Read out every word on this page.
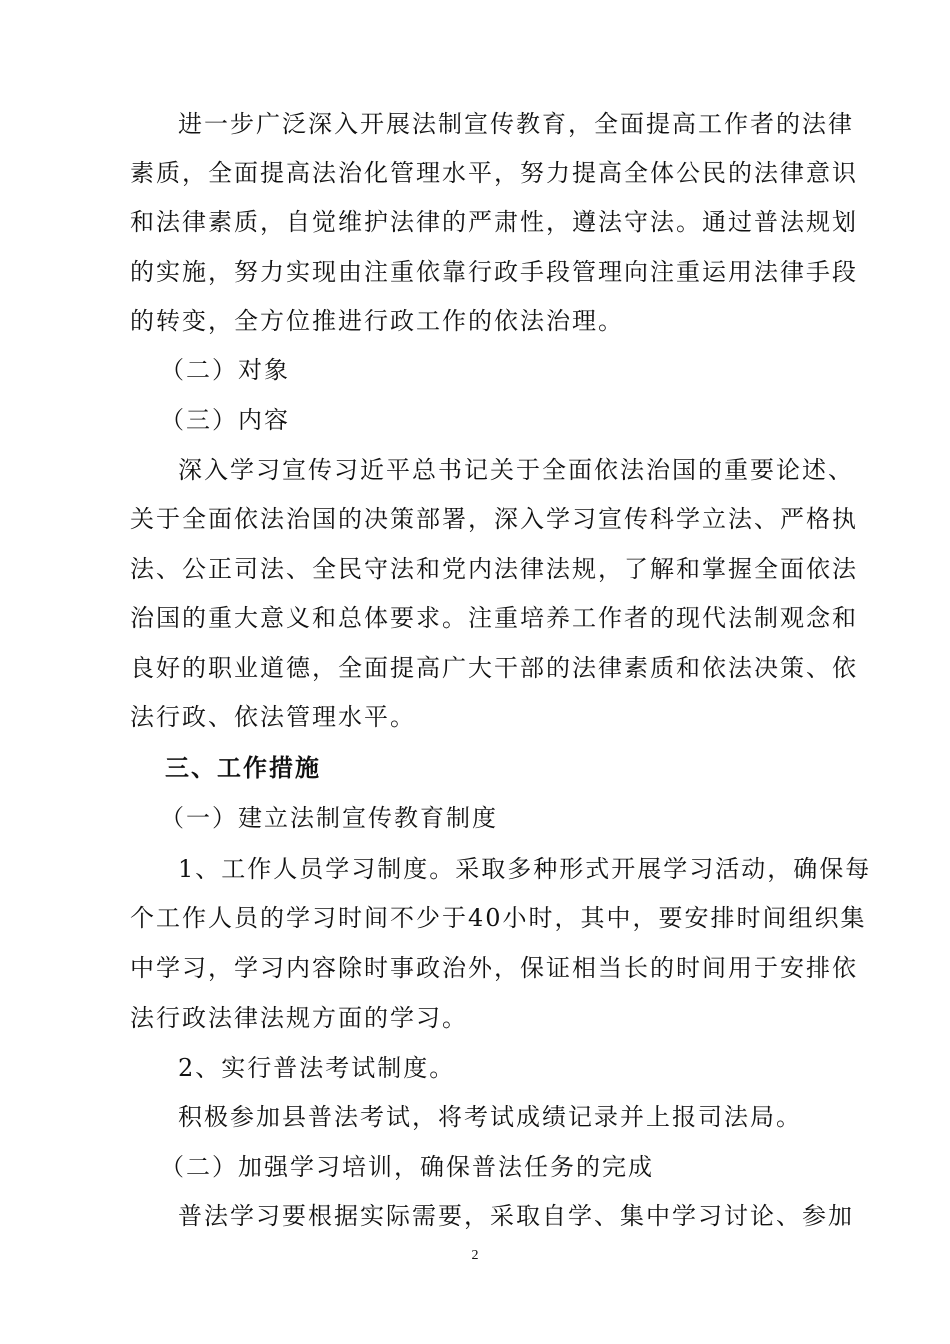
进一步广泛深入开展法制宣传教育，全面提高工作者的法律
素质，全面提高法治化管理水平，努力提高全体公民的法律意识
和法律素质，自觉维护法律的严肃性，遵法守法。通过普法规划
的实施，努力实现由注重依靠行政手段管理向注重运用法律手段
的转变，全方位推进行政工作的依法治理。
（二）对象
（三）内容
深入学习宣传习近平总书记关于全面依法治国的重要论述、
关于全面依法治国的决策部署，深入学习宣传科学立法、严格执
法、公正司法、全民守法和党内法律法规，了解和掌握全面依法
治国的重大意义和总体要求。注重培养工作者的现代法制观念和
良好的职业道德，全面提高广大干部的法律素质和依法决策、依
法行政、依法管理水平。
三、工作措施
（一）建立法制宣传教育制度
1、工作人员学习制度。采取多种形式开展学习活动，确保每
个工作人员的学习时间不少于40小时，其中，要安排时间组织集
中学习，学习内容除时事政治外，保证相当长的时间用于安排依
法行政法律法规方面的学习。
2、实行普法考试制度。
积极参加县普法考试，将考试成绩记录并上报司法局。
（二）加强学习培训，确保普法任务的完成
普法学习要根据实际需要，采取自学、集中学习讨论、参加
2
